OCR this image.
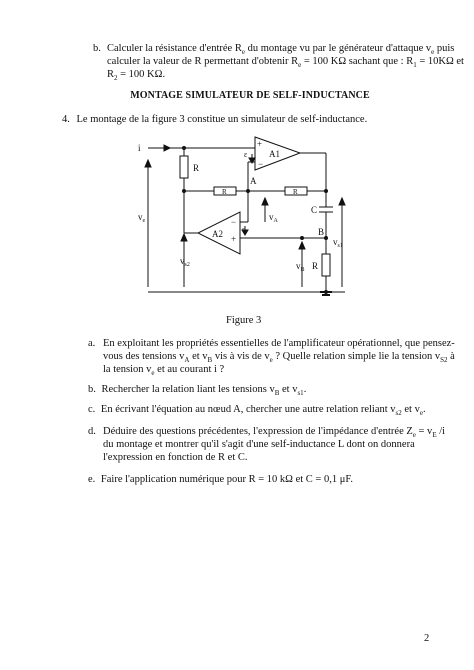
b. Calculer la résistance d'entrée $R_e$ du montage vu par le générateur d'attaque $v_e$ puis
calculer la valeur de R permettant d'obtenir $R_e = 100$ KΩ sachant que : $R_1 = 10K\Omega$ et
$R_2 = 100$ KΩ.
MONTAGE SIMULATEUR DE SELF-INDUCTANCE
4. Le montage de la figure 3 constitue un simulateur de self-inductance.
i
R
A1
+
−
ε
A
R	R
C
$v_e$	$v_A$
A2
−
+
ε	B
$v_{s1}$
$v_{s2}$	$v_B$ R
Figure 3
a. En exploitant les propriétés essentielles de l'amplificateur opérationnel, que pensez-
vous des tensions $v_A$ et $v_B$ vis à vis de $v_e$ ? Quelle relation simple lie la tension $v_{S2}$ à
la tension $v_e$ et au courant i ?
b. Rechercher la relation liant les tensions $v_B$ et $v_{s1}$.
c. En écrivant l'équation au nœud A, chercher une autre relation reliant $v_{s2}$ et $v_e$.
d. Déduire des questions précédentes, l'expression de l'impédance d'entrée $Z_e = v_E$ /i
du montage et montrer qu'il s'agit d'une self-inductance L dont on donnera
l'expression en fonction de R et C.
e. Faire l'application numérique pour R = 10 kΩ et C = 0,1 μF.
2
